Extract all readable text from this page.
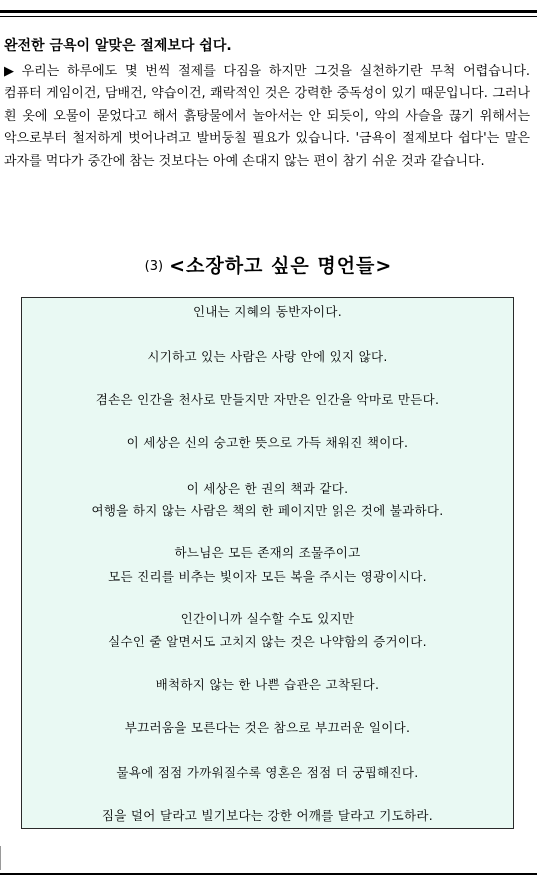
완전한 금욕이 알맞은 절제보다 쉽다.
▶ 우리는 하루에도 몇 번씩 절제를 다짐을 하지만 그것을 실천하기란 무척 어렵습니다. 컴퓨터 게임이건, 담배건, 약습이건, 쾌락적인 것은 강력한 중독성이 있기 때문입니다. 그러나 흰 옷에 오물이 묻었다고 해서 흙탕물에서 놀아서는 안 되듯이, 악의 사슬을 끊기 위해서는 악으로부터 철저하게 벗어나려고 발버둥칠 필요가 있습니다. '금욕이 절제보다 쉽다'는 말은 과자를 먹다가 중간에 참는 것보다는 아예 손대지 않는 편이 참기 쉬운 것과 같습니다.
(3) <소장하고 싶은 명언들>
인내는 지혜의 동반자이다.
시기하고 있는 사람은 사랑 안에 있지 않다.
겸손은 인간을 천사로 만들지만 자만은 인간을 악마로 만든다.
이 세상은 신의 숭고한 뜻으로 가득 채워진 책이다.
이 세상은 한 권의 책과 같다.
여행을 하지 않는 사람은 책의 한 페이지만 읽은 것에 불과하다.
하느님은 모든 존재의 조물주이고
모든 진리를 비추는 빛이자 모든 복을 주시는 영광이시다.
인간이니까 실수할 수도 있지만
실수인 줄 알면서도 고치지 않는 것은 나약함의 증거이다.
배척하지 않는 한 나쁜 습관은 고착된다.
부끄러움을 모른다는 것은 참으로 부끄러운 일이다.
물욕에 점점 가까워질수록 영혼은 점점 더 궁핍해진다.
짐을 덜어 달라고 빌기보다는 강한 어깨를 달라고 기도하라.
